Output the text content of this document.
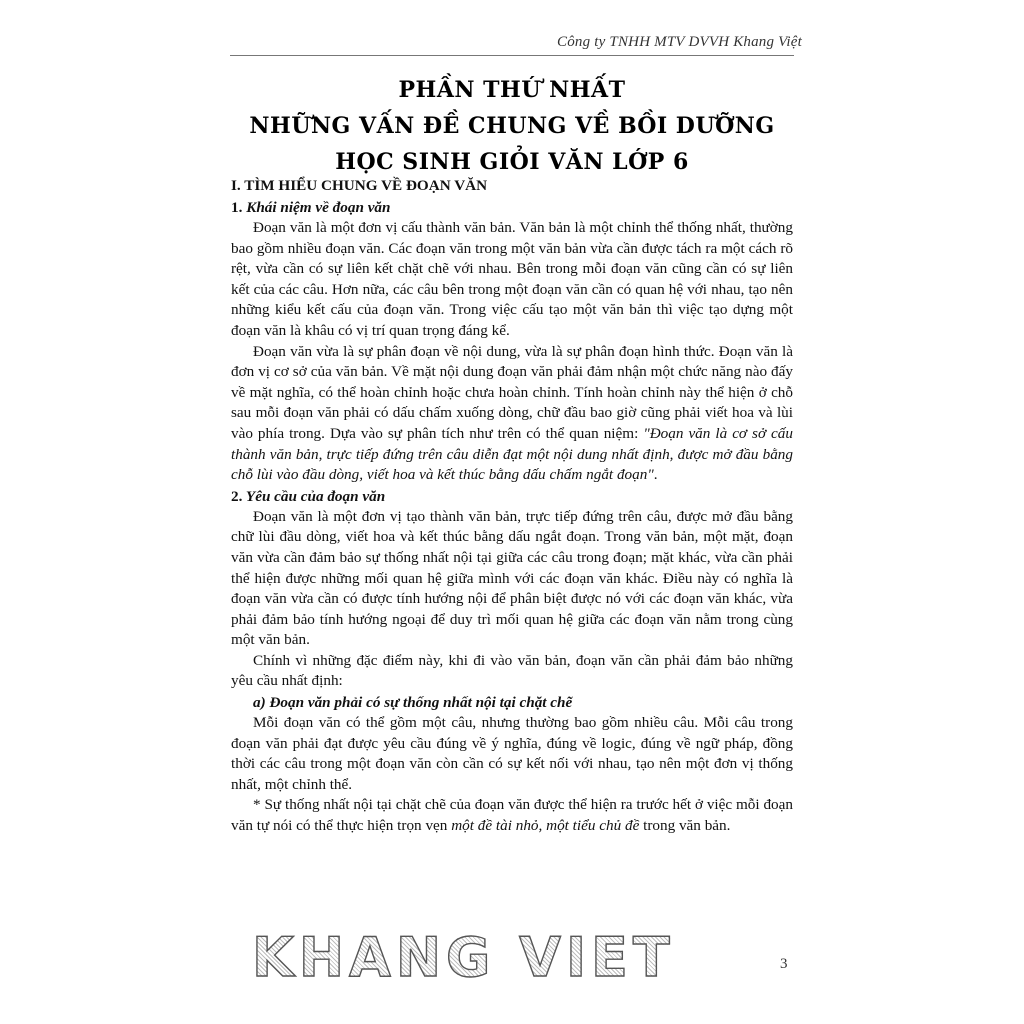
Công ty TNHH MTV DVVH Khang Việt
PHẦN THỨ NHẤT
NHỮNG VẤN ĐỀ CHUNG VỀ BỒI DƯỠNG
HỌC SINH GIỎI VĂN LỚP 6
I. TÌM HIỂU CHUNG VỀ ĐOẠN VĂN
1. Khái niệm về đoạn văn

Đoạn văn là một đơn vị cấu thành văn bản. Văn bản là một chỉnh thể thống nhất, thường bao gồm nhiều đoạn văn. Các đoạn văn trong một văn bản vừa cần được tách ra một cách rõ rệt, vừa cần có sự liên kết chặt chẽ với nhau. Bên trong mỗi đoạn văn cũng cần có sự liên kết của các câu. Hơn nữa, các câu bên trong một đoạn văn cần có quan hệ với nhau, tạo nên những kiểu kết cấu của đoạn văn. Trong việc cấu tạo một văn bản thì việc tạo dựng một đoạn văn là khâu có vị trí quan trọng đáng kể.

Đoạn văn vừa là sự phân đoạn về nội dung, vừa là sự phân đoạn hình thức. Đoạn văn là đơn vị cơ sở của văn bản. Về mặt nội dung đoạn văn phải đảm nhận một chức năng nào đấy về mặt nghĩa, có thể hoàn chỉnh hoặc chưa hoàn chỉnh. Tính hoàn chỉnh này thể hiện ở chỗ sau mỗi đoạn văn phải có dấu chấm xuống dòng, chữ đầu bao giờ cũng phải viết hoa và lùi vào phía trong. Dựa vào sự phân tích như trên có thể quan niệm: "Đoạn văn là cơ sở cấu thành văn bản, trực tiếp đứng trên câu diễn đạt một nội dung nhất định, được mở đầu bằng chỗ lùi vào đầu dòng, viết hoa và kết thúc bằng dấu chấm ngắt đoạn".

2. Yêu cầu của đoạn văn

Đoạn văn là một đơn vị tạo thành văn bản, trực tiếp đứng trên câu, được mở đầu bằng chữ lùi đầu dòng, viết hoa và kết thúc bằng dấu ngắt đoạn. Trong văn bản, một mặt, đoạn văn vừa cần đảm bảo sự thống nhất nội tại giữa các câu trong đoạn; mặt khác, vừa cần phải thể hiện được những mối quan hệ giữa mình với các đoạn văn khác. Điều này có nghĩa là đoạn văn vừa cần có được tính hướng nội để phân biệt được nó với các đoạn văn khác, vừa phải đảm bảo tính hướng ngoại để duy trì mối quan hệ giữa các đoạn văn nằm trong cùng một văn bản.

Chính vì những đặc điểm này, khi đi vào văn bản, đoạn văn cần phải đảm bảo những yêu cầu nhất định:

a) Đoạn văn phải có sự thống nhất nội tại chặt chẽ

Mỗi đoạn văn có thể gồm một câu, nhưng thường bao gồm nhiều câu. Mỗi câu trong đoạn văn phải đạt được yêu cầu đúng về ý nghĩa, đúng về logic, đúng về ngữ pháp, đồng thời các câu trong một đoạn văn còn cần có sự kết nối với nhau, tạo nên một đơn vị thống nhất, một chỉnh thể.

* Sự thống nhất nội tại chặt chẽ của đoạn văn được thể hiện ra trước hết ở việc mỗi đoạn văn tự nói có thể thực hiện trọn vẹn một đề tài nhỏ, một tiểu chủ đề trong văn bản.

KHANG VIET	3
